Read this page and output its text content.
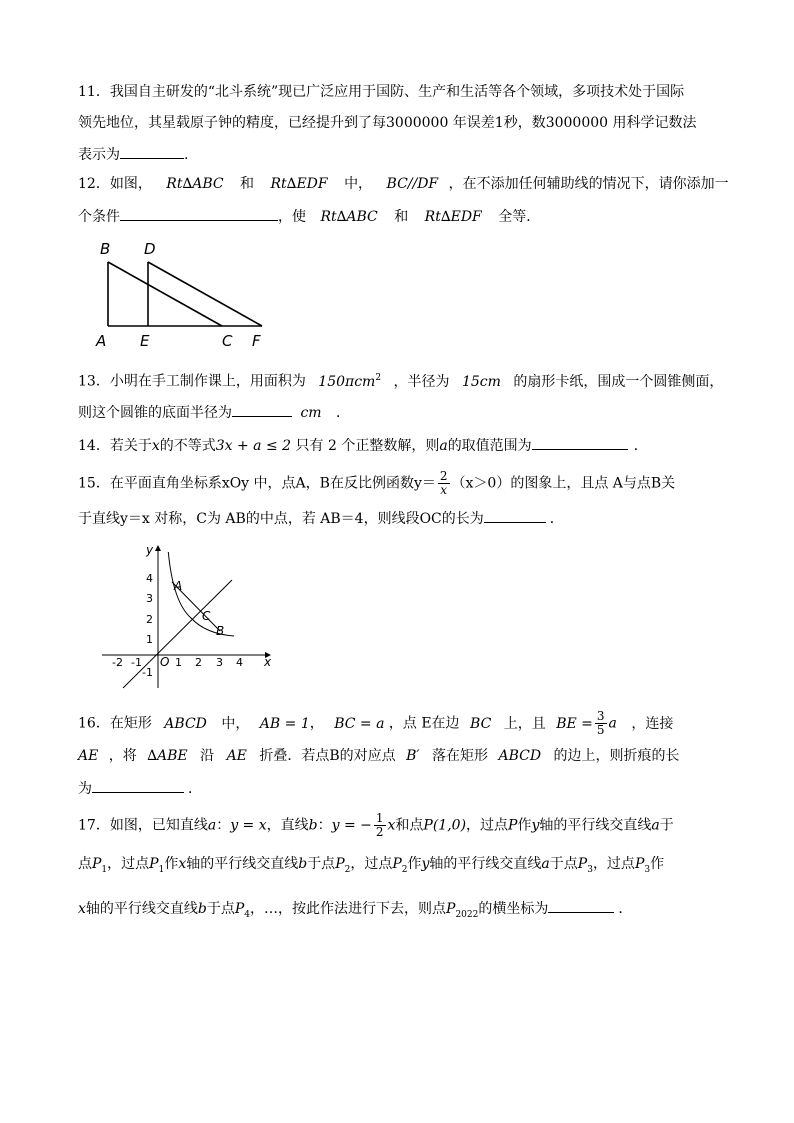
11．我国自主研发的“北斗系统”现已广泛应用于国防、生产和生活等各个领域，多项技术处于国际
领先地位，其星载原子钟的精度，已经提升到了每3000000 年误差1秒，数3000000 用科学记数法
表示为	.
12．如图， Rt∆ABC 和 Rt∆EDF 中， BC//DF ，在不添加任何辅助线的情况下，请你添加一
个条件	，使 Rt∆ABC 和 Rt∆EDF 全等．
B D
A E	C F
13．小明在手工制作课上，用面积为 150πcm$^2$ ，半径为 15cm 的扇形卡纸，围成一个圆锥侧面，
则这个圆锥的底面半径为	cm ．
14．若关于x的不等式3x + a ≤ 2 只有 2 个正整数解，则a的取值范围为	．
15．在平面直角坐标系xOy 中，点A，B在反比例函数$y= \frac{2}{x} (x>0)$的图象上，且点 A与点B关
于直线y＝x 对称，C为 AB的中点，若 AB＝4，则线段OC的长为	．
-2 -1	1 2 3 4
4
3
2
1
-1
y
x
O
A
C
B
16．在矩形 ABCD 中， AB = 1， BC = a ，点 E在边 BC 上，且 BE = $\frac{3}{5}$ a ，连接
AE ，将 ∆ABE 沿 AE 折叠．若点B的对应点 B′ 落在矩形 ABCD 的边上，则折痕的长
为	．
17．如图，已知直线a：y = x，直线b：y = − $\frac{1}{2}$ x和点P(1,0)，过点P作y轴的平行线交直线a于
点$P_1$，过点$P_1$作x轴的平行线交直线b于点$P_2$，过点$P_2$作y轴的平行线交直线a于点$P_3$，过点$P_3$作
x轴的平行线交直线b于点$P_4$，…，按此作法进行下去，则点$P_{2022}$的横坐标为	．
